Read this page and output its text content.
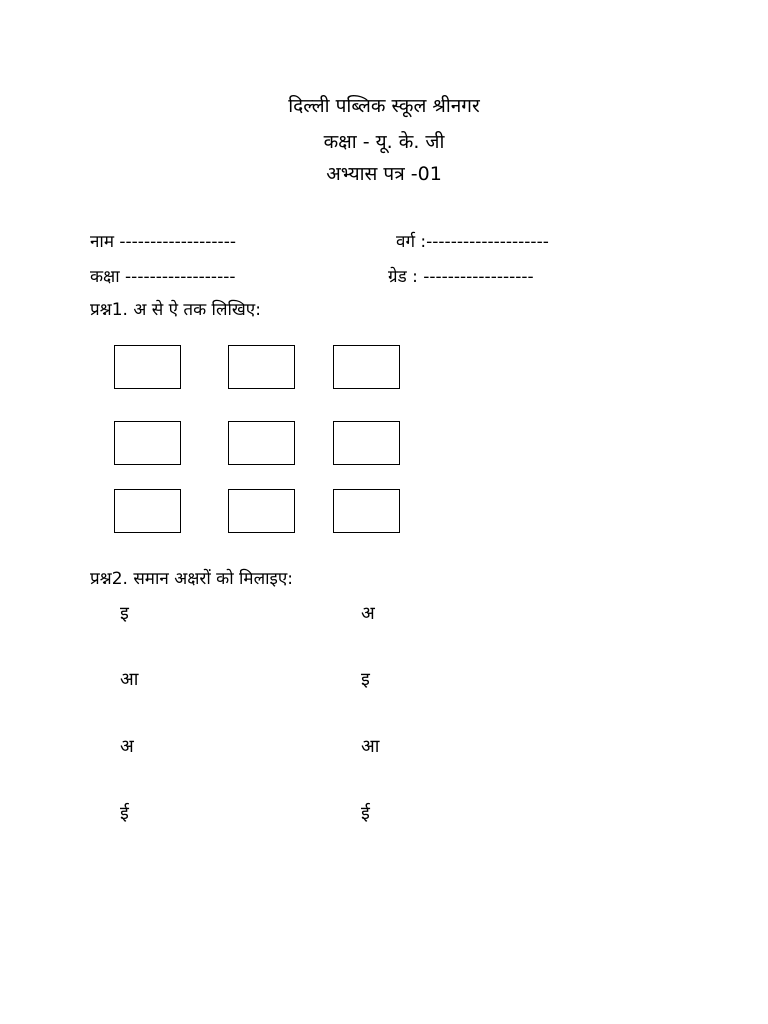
दिल्ली पब्लिक स्कूल श्रीनगर
कक्षा - यू. के. जी
अभ्यास पत्र -01
नाम -------------------	वर्ग :--------------------
कक्षा ------------------	ग्रेड : ------------------
प्रश्न1. अ से ऐ तक लिखिए:
प्रश्न2. समान अक्षरों को मिलाइए:
इ
आ
अ
ई
अ
इ
आ
ई
